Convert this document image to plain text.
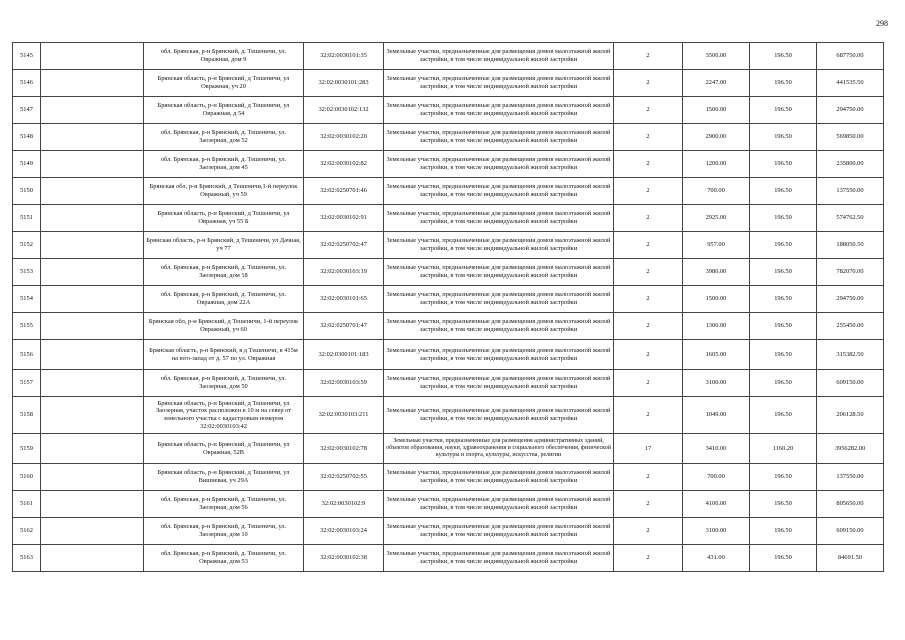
298
5145		обл. Брянская, р-н Брянский, д. Тешеничи, ул. Овражная, дом 9	32:02:0030101:35	Земельные участки, предназначенные для размещения домов малоэтажной жилой застройки, в том числе индивидуальной жилой застройки	2	3500.00	196.50	687750.00
5146		Брянская область, р-н Брянский, д Тешеничи, ул Овражная, уч 20	32:02:0030101:283	Земельные участки, предназначенные для размещения домов малоэтажной жилой застройки, в том числе индивидуальной жилой застройки	2	2247.00	196.50	441535.50
5147		Брянская область, р-н Брянский, д Тешеничи, ул Овражная, д 54	32:02:0030102:132	Земельные участки, предназначенные для размещения домов малоэтажной жилой застройки, в том числе индивидуальной жилой застройки	2	1500.00	196.50	294750.00
5148		обл. Брянская, р-н Брянский, д. Тешеничи, ул. Заозерная, дом 52	32:02:0030102:20	Земельные участки, предназначенные для размещения домов малоэтажной жилой застройки, в том числе индивидуальной жилой застройки	2	2900.00	196.50	569850.00
5149		обл. Брянская, р-н Брянский, д. Тешеничи, ул. Заозерная, дом 45	32:02:0030102:82	Земельные участки, предназначенные для размещения домов малоэтажной жилой застройки, в том числе индивидуальной жилой застройки	2	1200.00	196.50	235800.00
5150		Брянская обл, р-н Брянский, д Тешеничи,1-й переулок Овражный, уч 59	32:02:0250701:46	Земельные участки, предназначенные для размещения домов малоэтажной жилой застройки, в том числе индивидуальной жилой застройки	2	700.00	196.50	137550.00
5151		Брянская область, р-н Брянский, д Тешеничи, ул Овражная, уч 55 Б	32:02:0030102:91	Земельные участки, предназначенные для размещения домов малоэтажной жилой застройки, в том числе индивидуальной жилой застройки	2	2925.00	196.50	574762.50
5152		Брянская область, р-н Брянский, д Тешеничи, ул Дачная, уч 77	32:02:0250702:47	Земельные участки, предназначенные для размещения домов малоэтажной жилой застройки, в том числе индивидуальной жилой застройки	2	957.00	196.50	188050.50
5153		обл. Брянская, р-н Брянский, д. Тешеничи, ул. Заозерная, дом 18	32:02:0030103:19	Земельные участки, предназначенные для размещения домов малоэтажной жилой застройки, в том числе индивидуальной жилой застройки	2	3980.00	196.50	782070.00
5154		обл. Брянская, р-н Брянский, д. Тешеничи, ул. Овражная, дом 22А	32:02:0030101:65	Земельные участки, предназначенные для размещения домов малоэтажной жилой застройки, в том числе индивидуальной жилой застройки	2	1500.00	196.50	294750.00
5155		Брянская обл, р-н Брянский, д Тешеничи, 1-й переулок Овражный, уч 60	32:02:0250701:47	Земельные участки, предназначенные для размещения домов малоэтажной жилой застройки, в том числе индивидуальной жилой застройки	2	1300.00	196.50	255450.00
5156		Брянская область, р-н Брянский, в д Тешеничи, в 415м на юго-запад от д. 57 по ул. Овражная	32:02:0300101:183	Земельные участки, предназначенные для размещения домов малоэтажной жилой застройки, в том числе индивидуальной жилой застройки	2	1605.00	196.50	315382.50
5157		обл. Брянская, р-н Брянский, д. Тешеничи, ул. Заозерная, дом 50	32:02:0030103:59	Земельные участки, предназначенные для размещения домов малоэтажной жилой застройки, в том числе индивидуальной жилой застройки	2	3100.00	196.50	609150.00
5158		Брянская область, р-н Брянский, д Тешеничи, ул Заозерная, участок расположен в 10 м на север от земельного участка с кадастровым номером 32:02:0030103:42	32:02:0030103:211	Земельные участки, предназначенные для размещения домов малоэтажной жилой застройки, в том числе индивидуальной жилой застройки	2	1049.00	196.50	206128.50
5159		Брянская область, р-н Брянский, д Тешеничи, ул Овражная, 52В	32:02:0030102:78	Земельные участки, предназначенные для размещения административных зданий, объектов образования, науки, здравоохранения и социального обеспечения, физической культуры и спорта, культуры, искусства, религии	17	3410.00	1160.20	3956282.00
5160		Брянская область, р-н Брянский, д Тешеничи, ул Вишневая, уч 29А	32:02:0250702:55	Земельные участки, предназначенные для размещения домов малоэтажной жилой застройки, в том числе индивидуальной жилой застройки	2	700.00	196.50	137550.00
5161		обл. Брянская, р-н Брянский, д. Тешеничи, ул. Заозерная, дом 56	32:02:0030102:9	Земельные участки, предназначенные для размещения домов малоэтажной жилой застройки, в том числе индивидуальной жилой застройки	2	4100.00	196.50	805650.00
5162		обл. Брянская, р-н Брянский, д. Тешеничи, ул. Заозерная, дом 10	32:02:0030103:24	Земельные участки, предназначенные для размещения домов малоэтажной жилой застройки, в том числе индивидуальной жилой застройки	2	3100.00	196.50	609150.00
5163		обл. Брянская, р-н Брянский, д. Тешеничи, ул. Овражная, дом 53	32:02:0030102:38	Земельные участки, предназначенные для размещения домов малоэтажной жилой застройки, в том числе индивидуальной жилой застройки	2	431.00	196.50	84691.50
